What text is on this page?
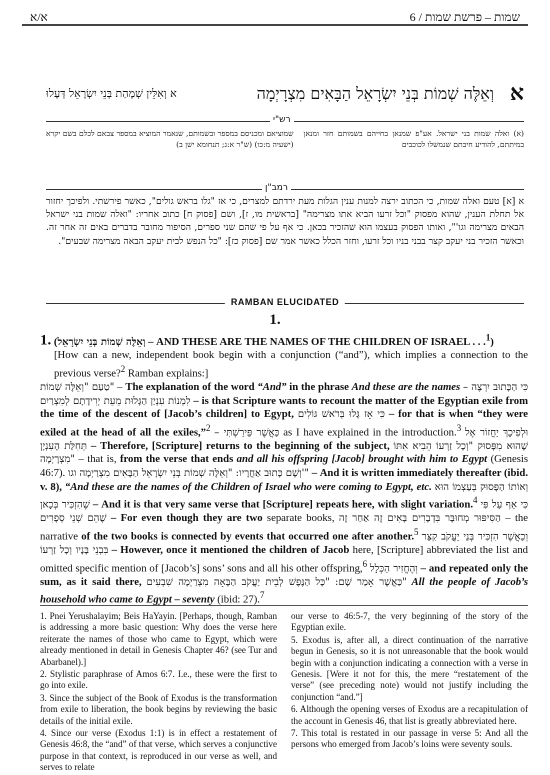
א/א	שמות – פרשת שמות / 6
א
וְאֵלֶּה שְׁמוֹת בְּנֵי יִשְׂרָאֵל הַבָּאִים מִצְרָיְמָה
א וְאִלֵּין שְׁמָהַת בְּנֵי יִשְׂרָאֵל דְּעָלוּ
רש"י
(א) ואלה שמות בני ישראל. אע"פ שמנאן בחייהם בשמותם חזר ומנאן במיתתם, להודיע חיבתם שנמשלו לכוכבים
שמוציאם ומכניסם במספר ובשמותם, שנאמר המוציא במספר צבאם לכלם בשם יקרא (ישעיה מ:כו) (ש"ר א:ג; תנחומא ישן ב)
רמב"ן
א [א] טעם ואלה שמות, כי הכתוב ירצה למנות ענין הגלות מעת ירדתם למצרים, כי אז "גלו בראש גולים", כאשר פירשתי. ולפיכך יחזור אל תחלת הענין, שהוא מפסוק "וכל זרעו הביא אתו מצרימה" [בראשית מו, ז], ושם [פסוק ח] כתוב אחריו: "ואלה שמות בני ישראל הבאים מצרימה וגו'", ואותו הפסוק בעצמו הוא שהזכיר בכאן. כי אף על פי שהם שני ספרים, הסיפור מחובר בדברים באים זה אחר זה. וכאשר הזכיר בני יעקב קצר בבני בניו וכל זרעו, וחזר הכלל כאשר אמר שם [פסוק כז]: "כל הנפש לבית יעקב הבאה מצרימה שבעים".
RAMBAN ELUCIDATED
1.

1. (וְאֵלֶּה שְׁמוֹת בְּנֵי יִשְׂרָאֵל – AND THESE ARE THE NAMES OF THE CHILDREN OF ISRAEL . . .$^1$)

[How can a new, independent book begin with a conjunction (“and”), which implies a connection to the previous verse?$^2$ Ramban explains:]

טַעַם "וְאֵלֶּה שְׁמוֹת" – The explanation of the word “And” in the phrase And these are the names – כִּי הַכָּתוּב יִרְצֶה לִמְנוֹת עִנְיַן הַגָּלוּת מֵעֵת יְרִידָתָם לְמִצְרַיִם – is that Scripture wants to recount the matter of the Egyptian exile from the time of the descent of [Jacob’s children] to Egypt, כִּי אָז גָּלוּ בְּרֹאשׁ גּוֹלִים – for that is when “they were exiled at the head of all the exiles,”$^2$ – כַּאֲשֶׁר פֵּירַשְׁתִּי as I have explained in the introduction.$^3$ וּלְפִיכָךְ יַחֲזוֹר אֶל תְּחִלַּת הָעִנְיָן – Therefore, [Scripture] returns to the beginning of the subject, שֶׁהוּא מִפָּסוּק "וְכָל זַרְעוֹ הֵבִיא אִתּוֹ מִצְרָיְמָה" – that is, from the verse that ends and all his offspring [Jacob] brought with him to Egypt (Genesis 46:7). וְשָׁם כָּתוּב אַחֲרָיו: "וְאֵלֶּה שְׁמוֹת בְּנֵי יִשְׂרָאֵל הַבָּאִים מִצְרַיְמָה וגו'" – And it is written immediately thereafter (ibid. v. 8), “And these are the names of the Children of Israel who were coming to Egypt, etc. וְאוֹתוֹ הַפָּסוּק בְּעַצְמוֹ הוּא שֶׁהִזְכִּיר בְּכָאן – And it is that very same verse that [Scripture] repeats here, with slight variation.$^4$ כִּי אַף עַל פִּי שֶׁהֵם שְׁנֵי סְפָרִים – For even though they are two separate books, הַסִּיפּוּר מְחוּבָּר בִּדְבָרִים בָּאִים זֶה אַחַר זֶה – the narrative of the two books is connected by events that occurred one after another.$^5$ וְכַאֲשֶׁר הִזְכִּיר בְּנֵי יַעֲקֹב קִצֵּר בִּבְנֵי בָּנָיו וְכָל זַרְעוֹ – However, once it mentioned the children of Jacob here, [Scripture] abbreviated the list and omitted specific mention of [Jacob’s] sons’ sons and all his other offspring,$^6$ וְהֶחֱזִיר הַכְּלָל – and repeated only the sum, as it said there, כַּאֲשֶׁר אָמַר שָׁם: "כָּל הַנֶּפֶשׁ לְבֵית יַעֲקֹב הַבָּאָה מִצְרַיְמָה שִׁבְעִים" All the people of Jacob’s household who came to Egypt – seventy (ibid: 27).$^7$

1. Pnei Yerushalayim; Beis HaYayin. [Perhaps, though, Ramban is addressing a more basic question: Why does the verse here reiterate the names of those who came to Egypt, which were already mentioned in detail in Genesis Chapter 46? (see Tur and Abarbanel).]

2. Stylistic paraphrase of Amos 6:7. I.e., these were the first to go into exile.

3. Since the subject of the Book of Exodus is the transformation from exile to liberation, the book begins by reviewing the basic details of the initial exile.

4. Since our verse (Exodus 1:1) is in effect a restatement of Genesis 46:8, the “and” of that verse, which serves a conjunctive purpose in that context, is reproduced in our verse as well, and serves to relate

our verse to 46:5-7, the very beginning of the story of the Egyptian exile.

5. Exodus is, after all, a direct continuation of the narrative begun in Genesis, so it is not unreasonable that the book would begin with a conjunction indicating a connection with a verse in Genesis. [Were it not for this, the mere “restatement of the verse” (see preceding note) would not justify including the conjunction “and.”]

6. Although the opening verses of Exodus are a recapitulation of the account in Genesis 46, that list is greatly abbreviated here.

7. This total is restated in our passage in verse 5: And all the persons who emerged from Jacob’s loins were seventy souls.
